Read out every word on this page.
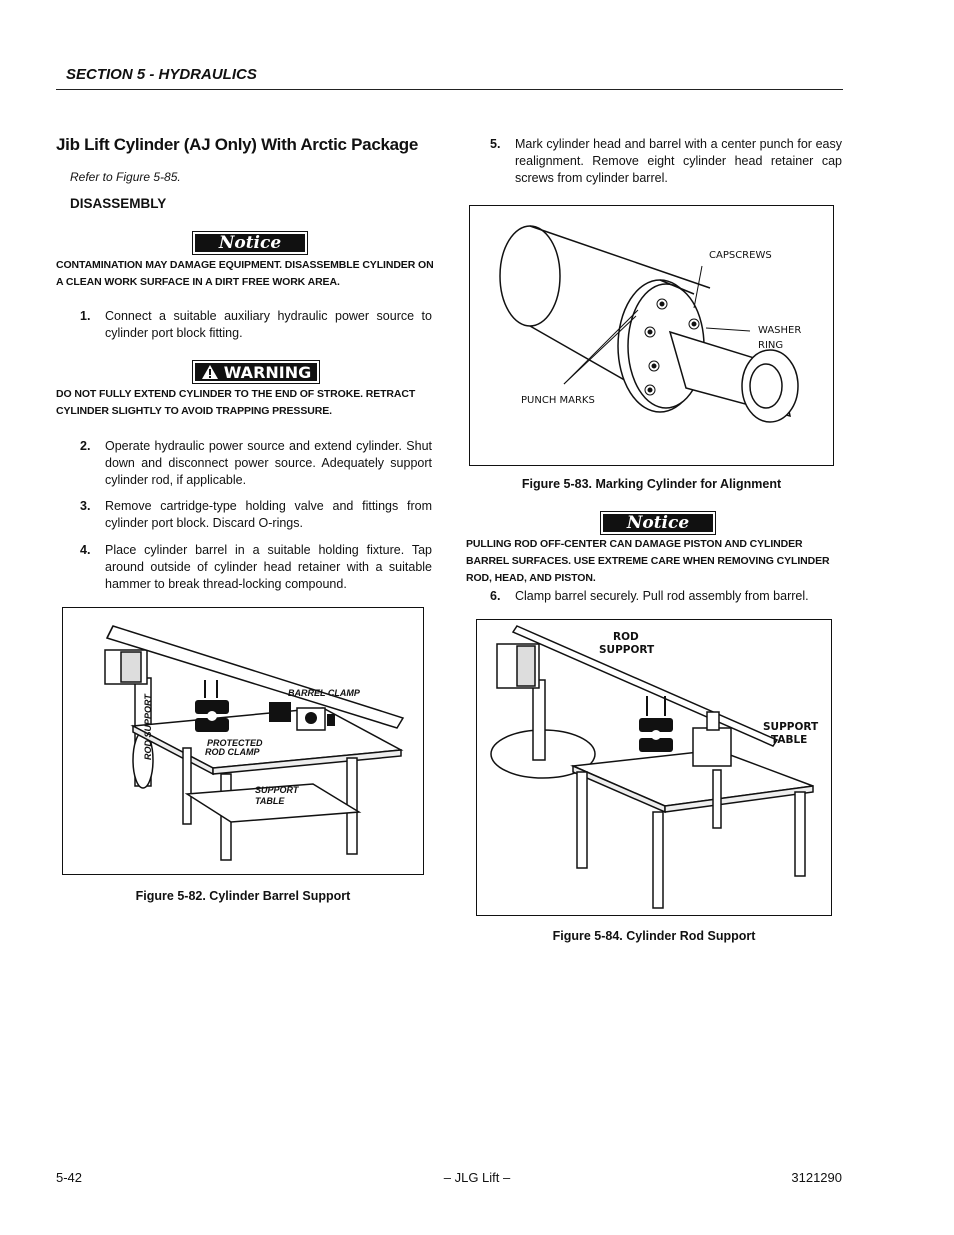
SECTION 5 - HYDRAULICS
Jib Lift Cylinder (AJ Only) With Arctic Package
Refer to Figure 5-85.
DISASSEMBLY
Notice
CONTAMINATION MAY DAMAGE EQUIPMENT. DISASSEMBLE CYLINDER ON A CLEAN WORK SURFACE IN A DIRT FREE WORK AREA.
1. Connect a suitable auxiliary hydraulic power source to cylinder port block fitting.
WARNING
DO NOT FULLY EXTEND CYLINDER TO THE END OF STROKE. RETRACT CYLINDER SLIGHTLY TO AVOID TRAPPING PRESSURE.
2. Operate hydraulic power source and extend cylinder. Shut down and disconnect power source. Adequately support cylinder rod, if applicable.
3. Remove cartridge-type holding valve and fittings from cylinder port block. Discard O-rings.
4. Place cylinder barrel in a suitable holding fixture. Tap around outside of cylinder head retainer with a suitable hammer to break thread-locking compound.
BARREL CLAMP
PROTECTED
ROD CLAMP
SUPPORT
TABLE
ROD SUPPORT
Figure 5-82. Cylinder Barrel Support
5. Mark cylinder head and barrel with a center punch for easy realignment. Remove eight cylinder head retainer cap screws from cylinder barrel.
CAPSCREWS
WASHER
RING
PUNCH MARKS
Figure 5-83. Marking Cylinder for Alignment
Notice
PULLING ROD OFF-CENTER CAN DAMAGE PISTON AND CYLINDER BARREL SURFACES. USE EXTREME CARE WHEN REMOVING CYLINDER ROD, HEAD, AND PISTON.
6. Clamp barrel securely. Pull rod assembly from barrel.
ROD
SUPPORT
SUPPORT
TABLE
Figure 5-84. Cylinder Rod Support
5-42	– JLG Lift –	3121290
